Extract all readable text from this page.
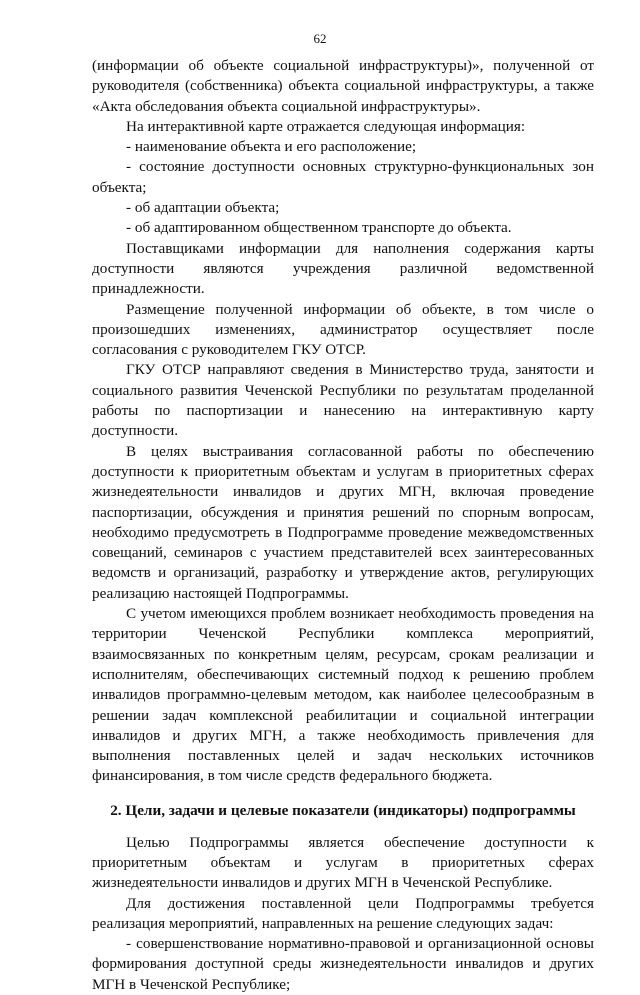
62

(информации об объекте социальной инфраструктуры)», полученной от руководителя (собственника) объекта социальной инфраструктуры, а также «Акта обследования объекта социальной инфраструктуры».

На интерактивной карте отражается следующая информация:

- наименование объекта и его расположение;

- состояние доступности основных структурно-функциональных зон объекта;

- об адаптации объекта;

- об адаптированном общественном транспорте до объекта.

Поставщиками информации для наполнения содержания карты доступности являются учреждения различной ведомственной принадлежности.

Размещение полученной информации об объекте, в том числе о произошедших изменениях, администратор осуществляет после согласования с руководителем ГКУ ОТСР.

ГКУ ОТСР направляют сведения в Министерство труда, занятости и социального развития Чеченской Республики по результатам проделанной работы по паспортизации и нанесению на интерактивную карту доступности.

В целях выстраивания согласованной работы по обеспечению доступности к приоритетным объектам и услугам в приоритетных сферах жизнедеятельности инвалидов и других МГН, включая проведение паспортизации, обсуждения и принятия решений по спорным вопросам, необходимо предусмотреть в Подпрограмме проведение межведомственных совещаний, семинаров с участием представителей всех заинтересованных ведомств и организаций, разработку и утверждение актов, регулирующих реализацию настоящей Подпрограммы.

С учетом имеющихся проблем возникает необходимость проведения на территории Чеченской Республики комплекса мероприятий, взаимосвязанных по конкретным целям, ресурсам, срокам реализации и исполнителям, обеспечивающих системный подход к решению проблем инвалидов программно-целевым методом, как наиболее целесообразным в решении задач комплексной реабилитации и социальной интеграции инвалидов и других МГН, а также необходимость привлечения для выполнения поставленных целей и задач нескольких источников финансирования, в том числе средств федерального бюджета.

2. Цели, задачи и целевые показатели (индикаторы) подпрограммы

Целью Подпрограммы является обеспечение доступности к приоритетным объектам и услугам в приоритетных сферах жизнедеятельности инвалидов и других МГН в Чеченской Республике.

Для достижения поставленной цели Подпрограммы требуется реализация мероприятий, направленных на решение следующих задач:

- совершенствование нормативно-правовой и организационной основы формирования доступной среды жизнедеятельности инвалидов и других МГН в Чеченской Республике;
